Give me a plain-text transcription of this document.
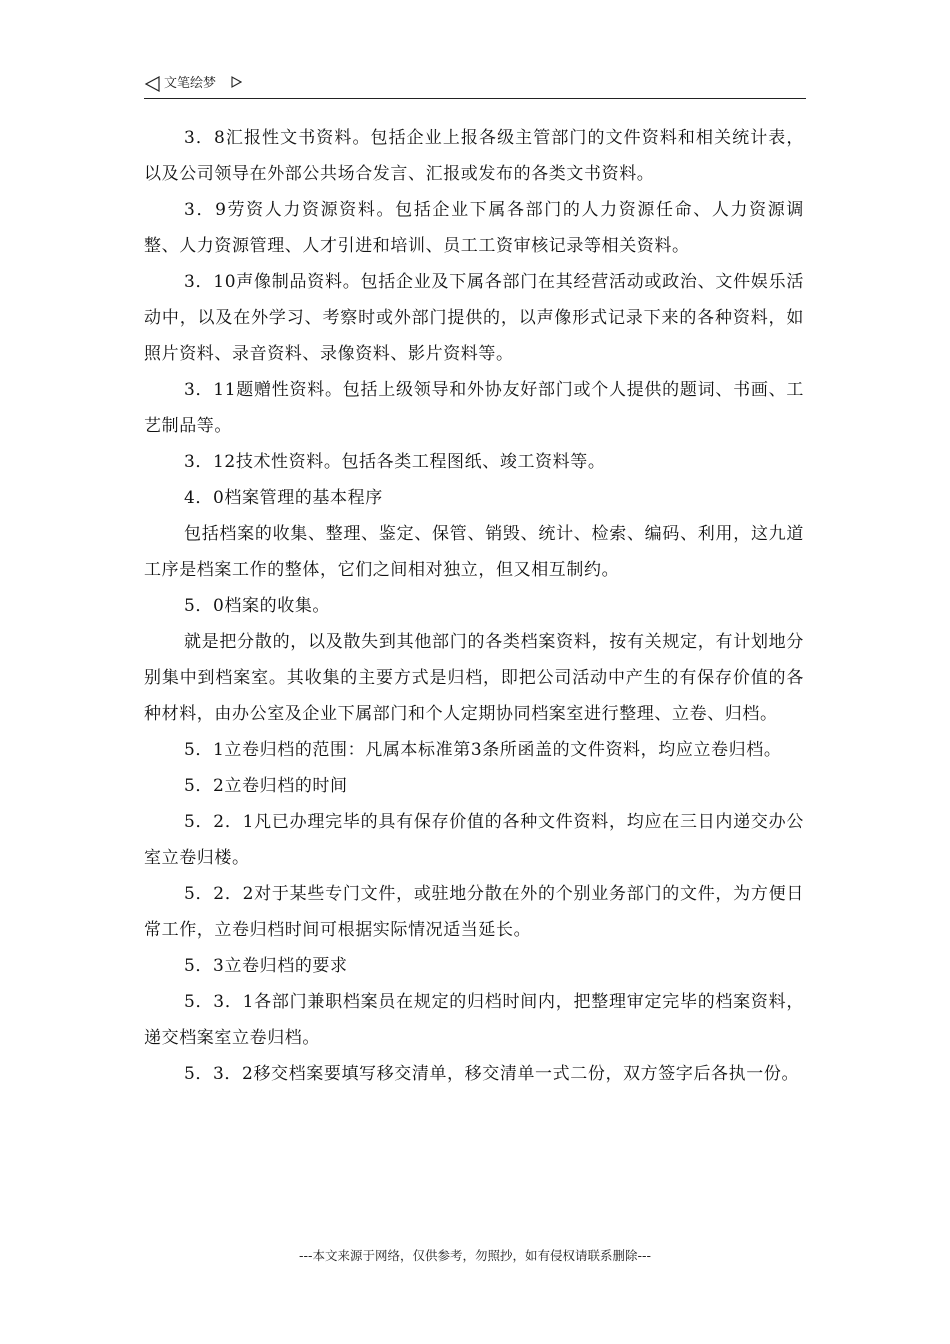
文笔绘梦

3．8汇报性文书资料。包括企业上报各级主管部门的文件资料和相关统计表，以及公司领导在外部公共场合发言、汇报或发布的各类文书资料。

3．9劳资人力资源资料。包括企业下属各部门的人力资源任命、人力资源调整、人力资源管理、人才引进和培训、员工工资审核记录等相关资料。

3．10声像制品资料。包括企业及下属各部门在其经营活动或政治、文件娱乐活动中，以及在外学习、考察时或外部门提供的，以声像形式记录下来的各种资料，如照片资料、录音资料、录像资料、影片资料等。

3．11题赠性资料。包括上级领导和外协友好部门或个人提供的题词、书画、工艺制品等。

3．12技术性资料。包括各类工程图纸、竣工资料等。

4．0档案管理的基本程序

包括档案的收集、整理、鉴定、保管、销毁、统计、检索、编码、利用，这九道工序是档案工作的整体，它们之间相对独立，但又相互制约。

5．0档案的收集。

就是把分散的，以及散失到其他部门的各类档案资料，按有关规定，有计划地分别集中到档案室。其收集的主要方式是归档，即把公司活动中产生的有保存价值的各种材料，由办公室及企业下属部门和个人定期协同档案室进行整理、立卷、归档。

5．1立卷归档的范围：凡属本标准第3条所函盖的文件资料，均应立卷归档。

5．2立卷归档的时间

5．2．1凡已办理完毕的具有保存价值的各种文件资料，均应在三日内递交办公室立卷归楼。

5．2．2对于某些专门文件，或驻地分散在外的个别业务部门的文件，为方便日常工作，立卷归档时间可根据实际情况适当延长。

5．3立卷归档的要求

5．3．1各部门兼职档案员在规定的归档时间内，把整理审定完毕的档案资料，递交档案室立卷归档。

5．3．2移交档案要填写移交清单，移交清单一式二份，双方签字后各执一份。

---本文来源于网络，仅供参考，勿照抄，如有侵权请联系删除---
